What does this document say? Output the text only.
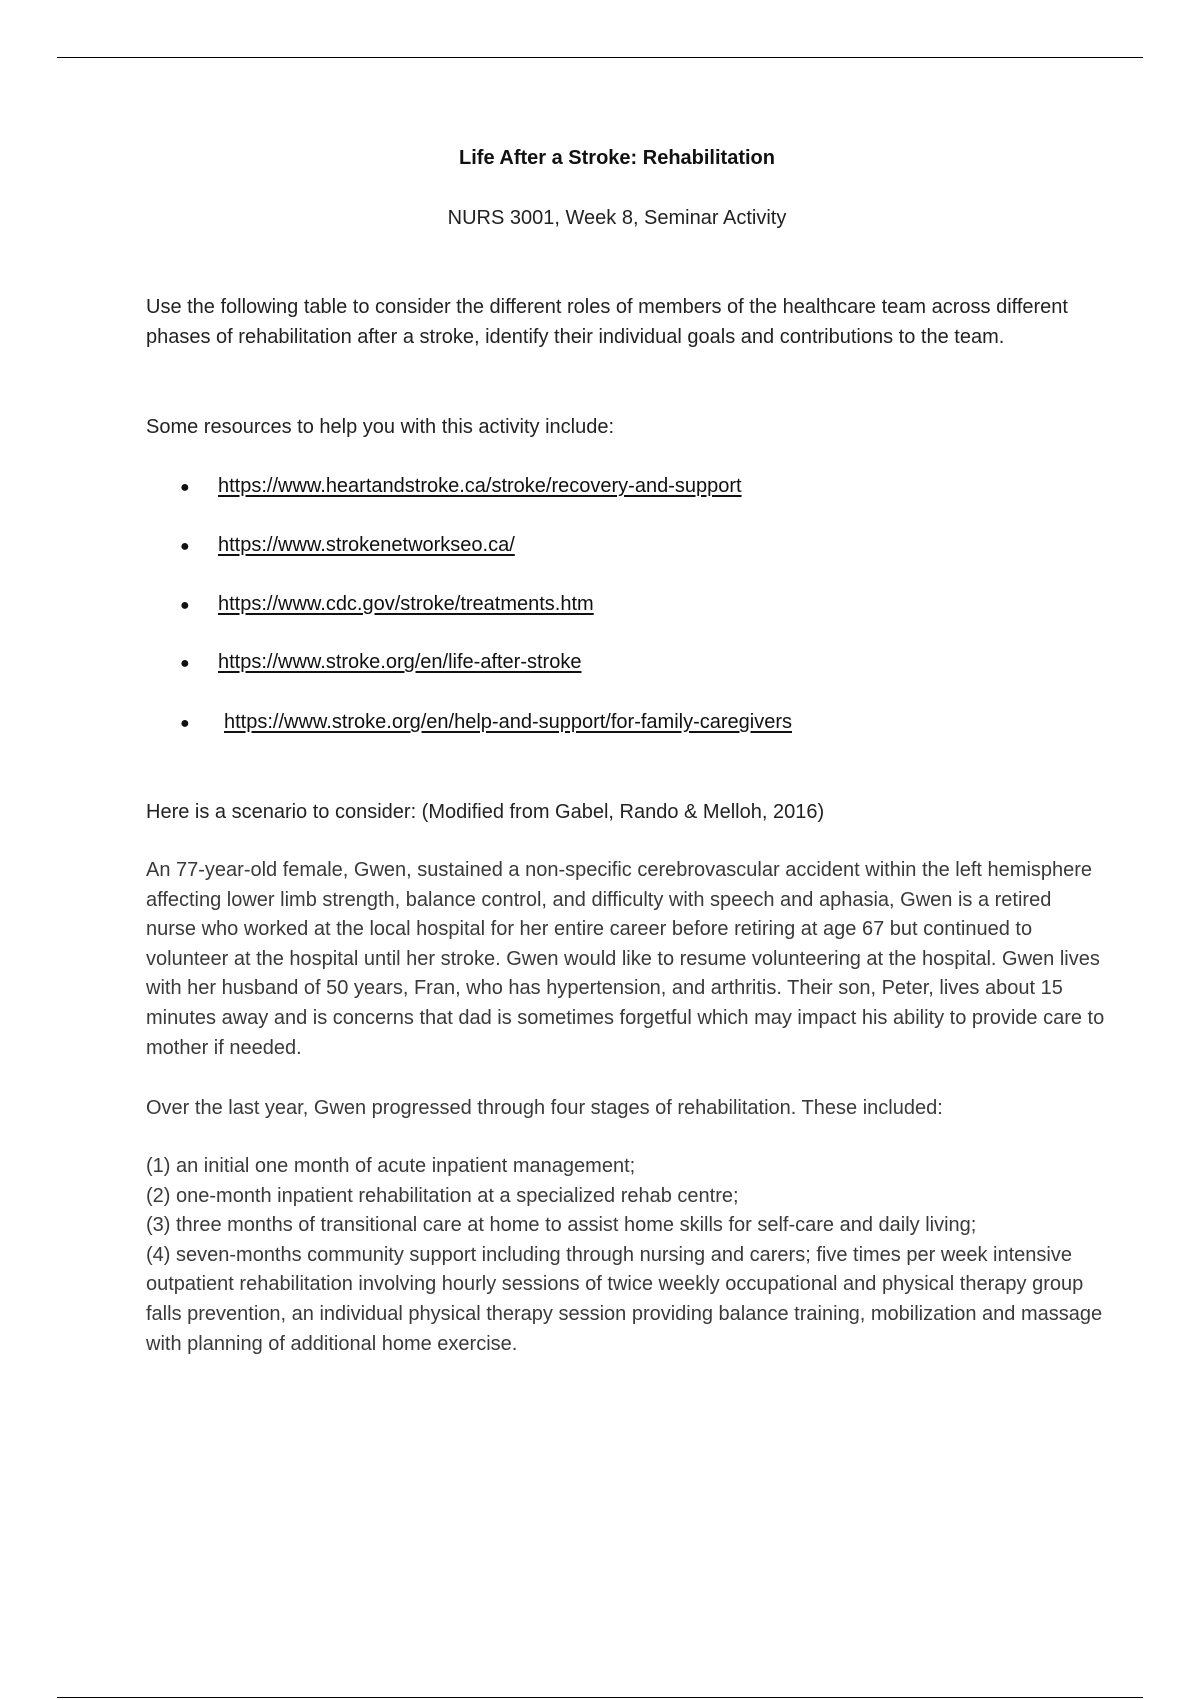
Life After a Stroke: Rehabilitation

NURS 3001, Week 8, Seminar Activity

Use the following table to consider the different roles of members of the healthcare team across different phases of rehabilitation after a stroke, identify their individual goals and contributions to the team.

Some resources to help you with this activity include:

● https://www.heartandstroke.ca/stroke/recovery-and-support
● https://www.strokenetworkseo.ca/
● https://www.cdc.gov/stroke/treatments.htm
● https://www.stroke.org/en/life-after-stroke
● https://www.stroke.org/en/help-and-support/for-family-caregivers

Here is a scenario to consider: (Modified from Gabel, Rando & Melloh, 2016)

An 77-year-old female, Gwen, sustained a non-specific cerebrovascular accident within the left hemisphere affecting lower limb strength, balance control, and difficulty with speech and aphasia, Gwen is a retired nurse who worked at the local hospital for her entire career before retiring at age 67 but continued to volunteer at the hospital until her stroke. Gwen would like to resume volunteering at the hospital. Gwen lives with her husband of 50 years, Fran, who has hypertension, and arthritis. Their son, Peter, lives about 15 minutes away and is concerns that dad is sometimes forgetful which may impact his ability to provide care to mother if needed.

Over the last year, Gwen progressed through four stages of rehabilitation. These included:

(1) an initial one month of acute inpatient management;
(2) one-month inpatient rehabilitation at a specialized rehab centre;
(3) three months of transitional care at home to assist home skills for self-care and daily living;
(4) seven-months community support including through nursing and carers; five times per week intensive outpatient rehabilitation involving hourly sessions of twice weekly occupational and physical therapy group falls prevention, an individual physical therapy session providing balance training, mobilization and massage with planning of additional home exercise.
